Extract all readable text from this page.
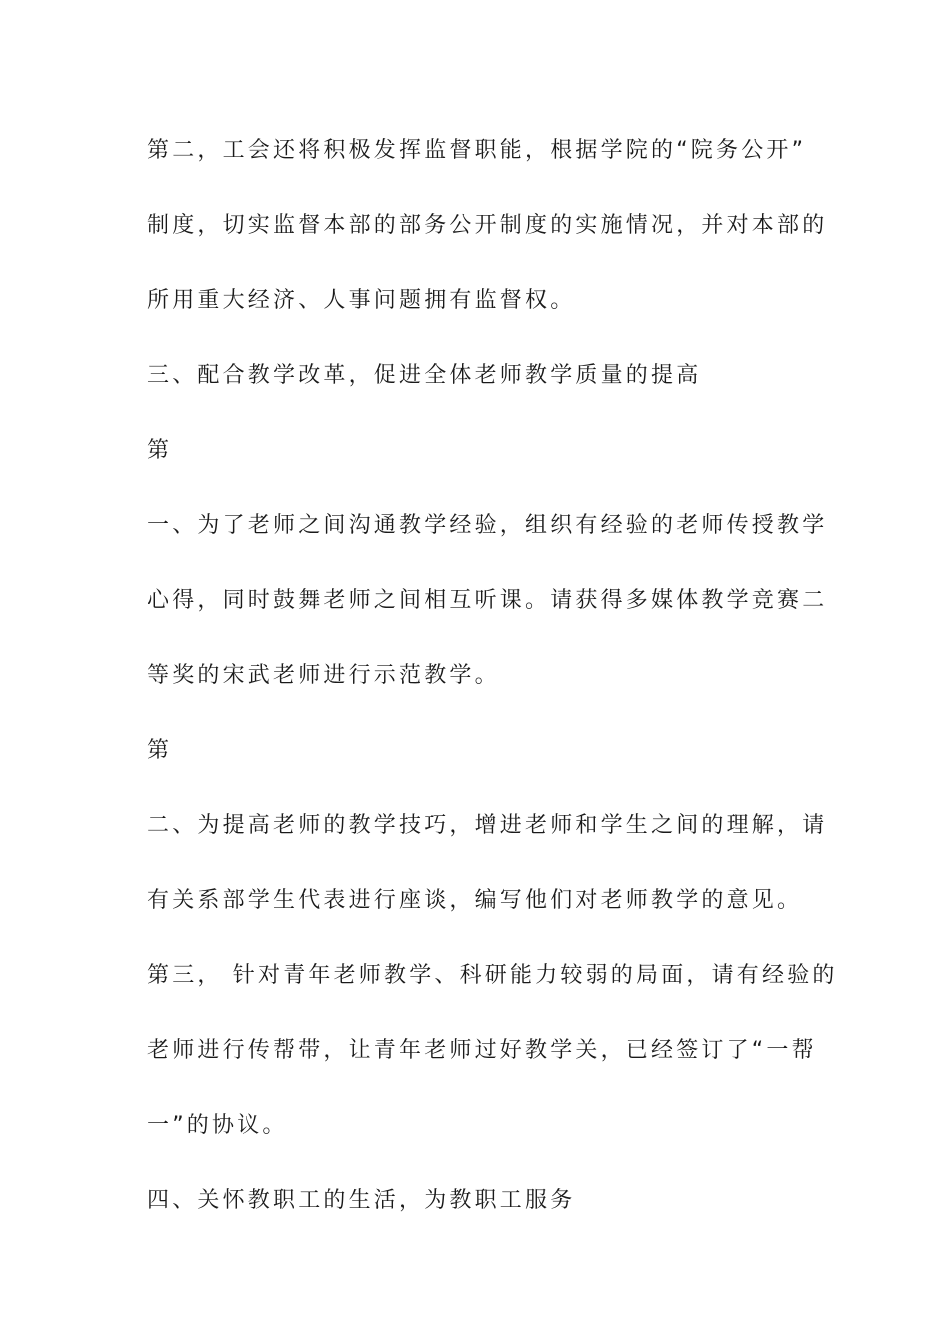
第二，工会还将积极发挥监督职能，根据学院的“院务公开”
制度，切实监督本部的部务公开制度的实施情况，并对本部的
所用重大经济、人事问题拥有监督权。
三、配合教学改革，促进全体老师教学质量的提高
第
一、为了老师之间沟通教学经验，组织有经验的老师传授教学
心得，同时鼓舞老师之间相互听课。请获得多媒体教学竞赛二
等奖的宋武老师进行示范教学。
第
二、为提高老师的教学技巧，增进老师和学生之间的理解，请
有关系部学生代表进行座谈，编写他们对老师教学的意见。
第三， 针对青年老师教学、科研能力较弱的局面，请有经验的
老师进行传帮带，让青年老师过好教学关，已经签订了“一帮
一”的协议。
四、关怀教职工的生活，为教职工服务
